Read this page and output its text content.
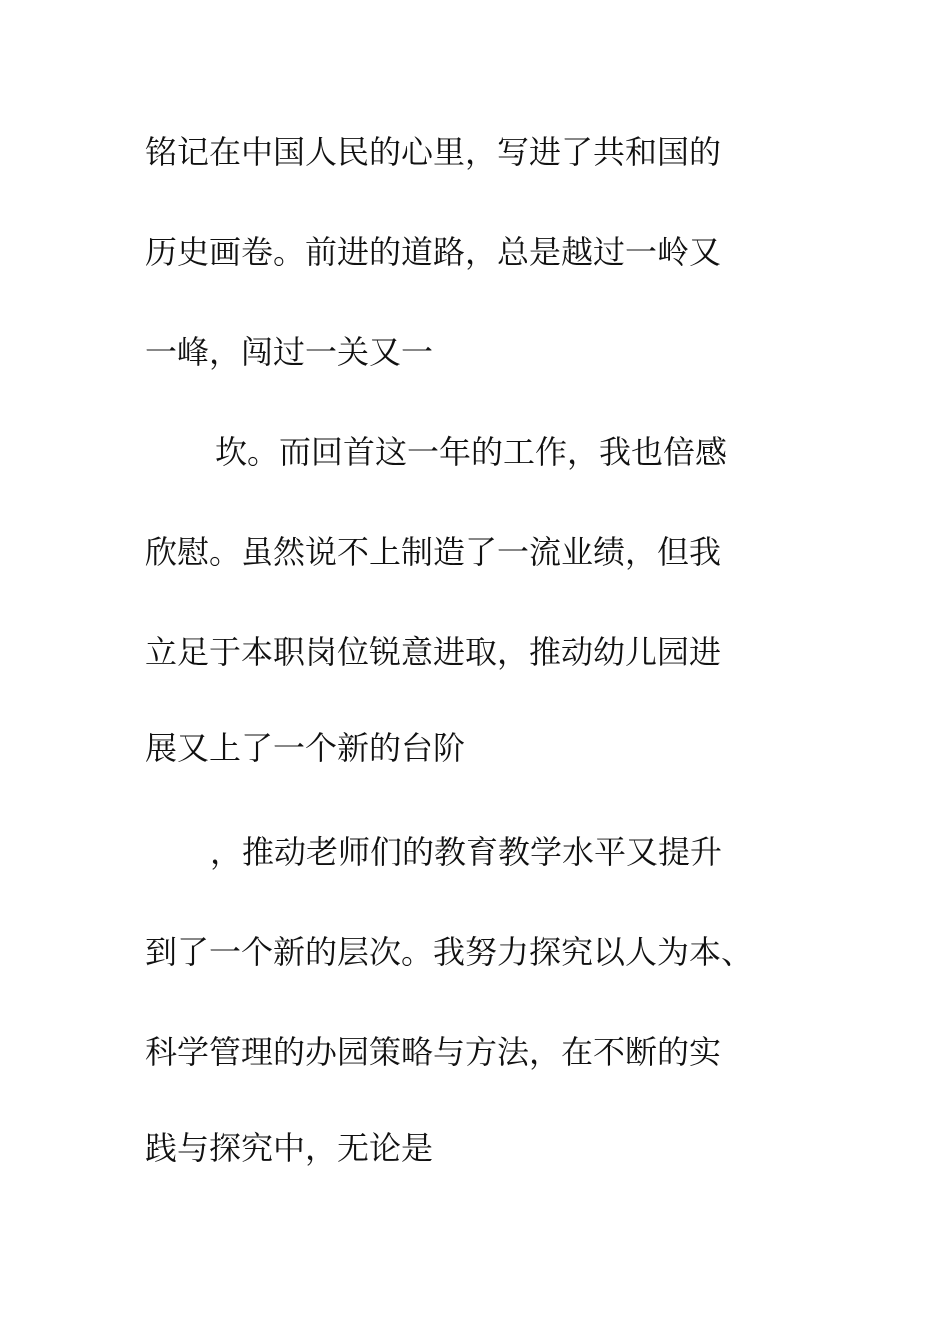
铭记在中国人民的心里，写进了共和国的
历史画卷。前进的道路，总是越过一岭又
一峰，闯过一关又一
坎。而回首这一年的工作，我也倍感
欣慰。虽然说不上制造了一流业绩，但我
立足于本职岗位锐意进取，推动幼儿园进
展又上了一个新的台阶
，推动老师们的教育教学水平又提升
到了一个新的层次。我努力探究以人为本、
科学管理的办园策略与方法，在不断的实
践与探究中，无论是
